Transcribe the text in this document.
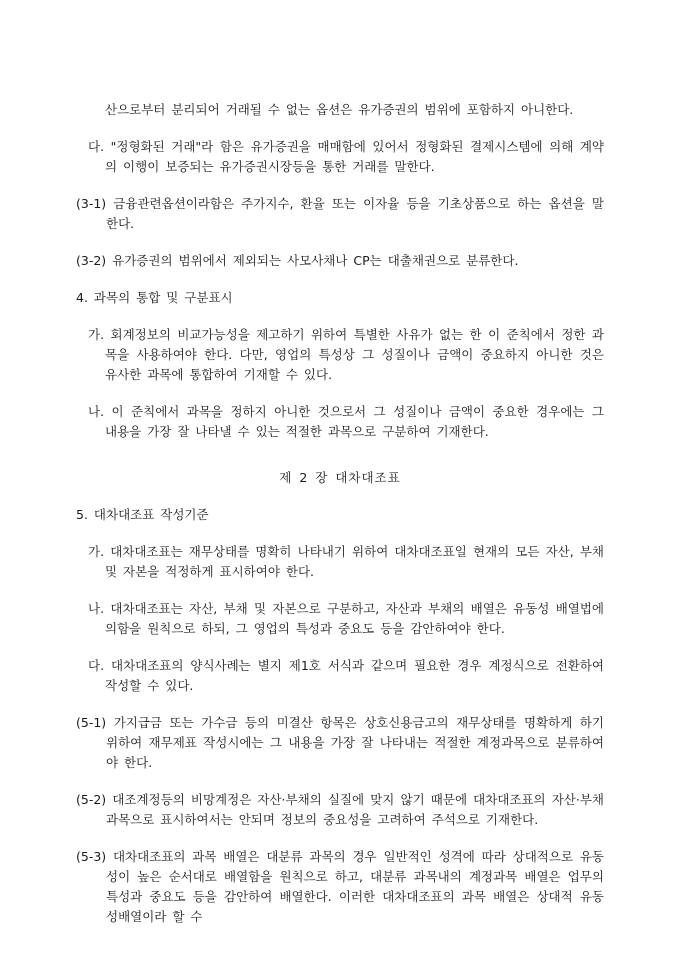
산으로부터 분리되어 거래될 수 없는 옵션은 유가증권의 범위에 포함하지 아니한다.
다. "정형화된 거래"라 함은 유가증권을 매매함에 있어서 정형화된 결제시스템에 의해 계약의 이행이 보증되는 유가증권시장등을 통한 거래를 말한다.
(3-1) 금융관련옵션이라함은 주가지수, 환율 또는 이자율 등을 기초상품으로 하는 옵션을 말한다.
(3-2) 유가증권의 범위에서 제외되는 사모사채나 CP는 대출채권으로 분류한다.
4. 과목의 통합 및 구분표시
가. 회계정보의 비교가능성을 제고하기 위하여 특별한 사유가 없는 한 이 준칙에서 정한 과목을 사용하여야 한다. 다만, 영업의 특성상 그 성질이나 금액이 중요하지 아니한 것은 유사한 과목에 통합하여 기재할 수 있다.
나. 이 준칙에서 과목을 정하지 아니한 것으로서 그 성질이나 금액이 중요한 경우에는 그 내용을 가장 잘 나타낼 수 있는 적절한 과목으로 구분하여 기재한다.
제 2 장 대차대조표
5. 대차대조표 작성기준
가. 대차대조표는 재무상태를 명확히 나타내기 위하여 대차대조표일 현재의 모든 자산, 부채 및 자본을 적정하게 표시하여야 한다.
나. 대차대조표는 자산, 부채 및 자본으로 구분하고, 자산과 부채의 배열은 유동성 배열법에 의함을 원칙으로 하되, 그 영업의 특성과 중요도 등을 감안하여야 한다.
다. 대차대조표의 양식사례는 별지 제1호 서식과 같으며 필요한 경우 계정식으로 전환하여 작성할 수 있다.
(5-1) 가지급금 또는 가수금 등의 미결산 항목은 상호신용금고의 재무상태를 명확하게 하기 위하여 재무제표 작성시에는 그 내용을 가장 잘 나타내는 적절한 계정과목으로 분류하여야 한다.
(5-2) 대조계정등의 비망계정은 자산·부채의 실질에 맞지 않기 때문에 대차대조표의 자산·부채 과목으로 표시하여서는 안되며 정보의 중요성을 고려하여 주석으로 기재한다.
(5-3) 대차대조표의 과목 배열은 대분류 과목의 경우 일반적인 성격에 따라 상대적으로 유동성이 높은 순서대로 배열함을 원칙으로 하고, 대분류 과목내의 계정과목 배열은 업무의 특성과 중요도 등을 감안하여 배열한다. 이러한 대차대조표의 과목 배열은 상대적 유동성배열이라 할 수
